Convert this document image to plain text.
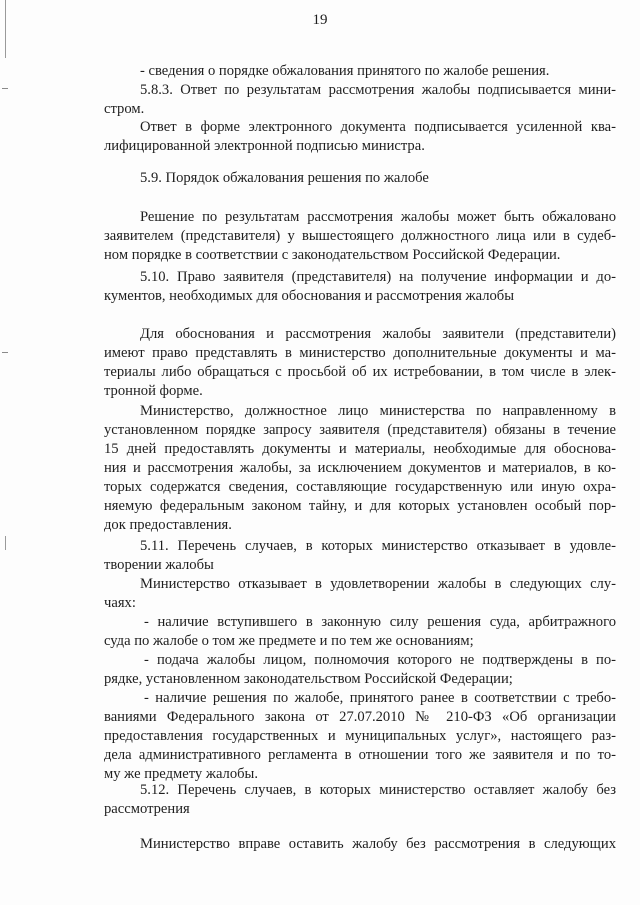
19
- сведения о порядке обжалования принятого по жалобе решения.
5.8.3. Ответ по результатам рассмотрения жалобы подписывается мини-
стром.
Ответ в форме электронного документа подписывается усиленной ква-
лифицированной электронной подписью министра.
5.9. Порядок обжалования решения по жалобе
Решение по результатам рассмотрения жалобы может быть обжаловано
заявителем (представителя) у вышестоящего должностного лица или в судеб-
ном порядке в соответствии с законодательством Российской Федерации.
5.10. Право заявителя (представителя) на получение информации и до-
кументов, необходимых для обоснования и рассмотрения жалобы
Для обоснования и рассмотрения жалобы заявители (представители)
имеют право представлять в министерство дополнительные документы и ма-
териалы либо обращаться с просьбой об их истребовании, в том числе в элек-
тронной форме.
Министерство, должностное лицо министерства по направленному в
установленном порядке запросу заявителя (представителя) обязаны в течение
15 дней предоставлять документы и материалы, необходимые для обоснова-
ния и рассмотрения жалобы, за исключением документов и материалов, в ко-
торых содержатся сведения, составляющие государственную или иную охра-
няемую федеральным законом тайну, и для которых установлен особый пор-
док предоставления.
5.11. Перечень случаев, в которых министерство отказывает в удовле-
творении жалобы
Министерство отказывает в удовлетворении жалобы в следующих слу-
чаях:
- наличие вступившего в законную силу решения суда, арбитражного
суда по жалобе о том же предмете и по тем же основаниям;
- подача жалобы лицом, полномочия которого не подтверждены в по-
рядке, установленном законодательством Российской Федерации;
- наличие решения по жалобе, принятого ранее в соответствии с требо-
ваниями Федерального закона от 27.07.2010 № 210-ФЗ «Об организации
предоставления государственных и муниципальных услуг», настоящего раз-
дела административного регламента в отношении того же заявителя и по то-
му же предмету жалобы.
5.12. Перечень случаев, в которых министерство оставляет жалобу без
рассмотрения
Министерство вправе оставить жалобу без рассмотрения в следующих
